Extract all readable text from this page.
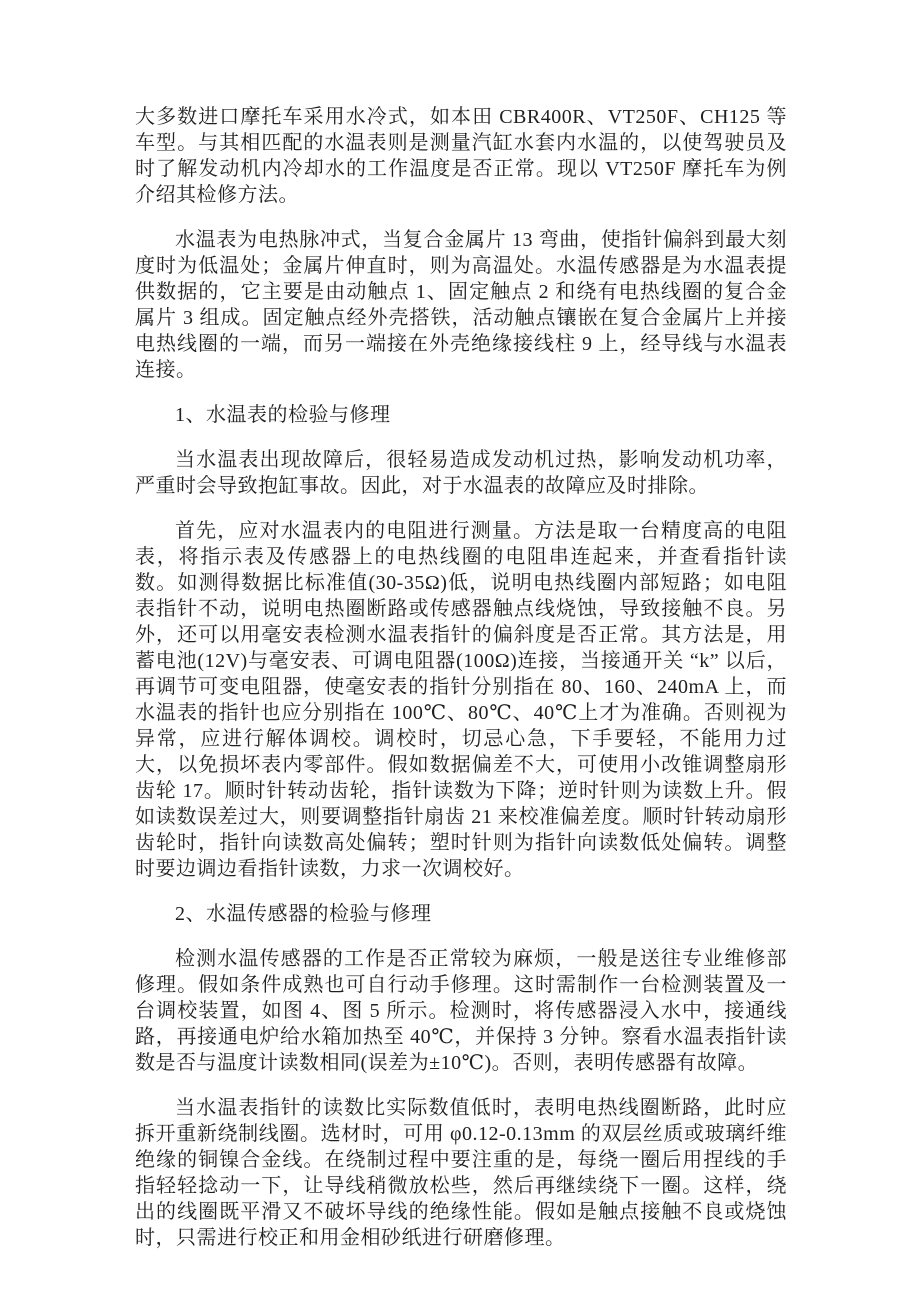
大多数进口摩托车采用水冷式，如本田 CBR400R、VT250F、CH125 等车型。与其相匹配的水温表则是测量汽缸水套内水温的，以使驾驶员及时了解发动机内冷却水的工作温度是否正常。现以 VT250F 摩托车为例介绍其检修方法。

水温表为电热脉冲式，当复合金属片 13 弯曲，使指针偏斜到最大刻度时为低温处；金属片伸直时，则为高温处。水温传感器是为水温表提供数据的，它主要是由动触点 1、固定触点 2 和绕有电热线圈的复合金属片 3 组成。固定触点经外壳搭铁，活动触点镶嵌在复合金属片上并接电热线圈的一端，而另一端接在外壳绝缘接线柱 9 上，经导线与水温表连接。

1、水温表的检验与修理

当水温表出现故障后，很轻易造成发动机过热，影响发动机功率，严重时会导致抱缸事故。因此，对于水温表的故障应及时排除。

首先，应对水温表内的电阻进行测量。方法是取一台精度高的电阻表，将指示表及传感器上的电热线圈的电阻串连起来，并查看指针读数。如测得数据比标准值(30-35Ω)低，说明电热线圈内部短路；如电阻表指针不动，说明电热圈断路或传感器触点线烧蚀，导致接触不良。另外，还可以用毫安表检测水温表指针的偏斜度是否正常。其方法是，用蓄电池(12V)与毫安表、可调电阻器(100Ω)连接，当接通开关 “k” 以后，再调节可变电阻器，使毫安表的指针分别指在 80、160、240mA 上，而水温表的指针也应分别指在 100℃、80℃、40℃上才为准确。否则视为异常，应进行解体调校。调校时，切忌心急，下手要轻，不能用力过大，以免损坏表内零部件。假如数据偏差不大，可使用小改锥调整扇形齿轮 17。顺时针转动齿轮，指针读数为下降；逆时针则为读数上升。假如读数误差过大，则要调整指针扇齿 21 来校准偏差度。顺时针转动扇形齿轮时，指针向读数高处偏转；塑时针则为指针向读数低处偏转。调整时要边调边看指针读数，力求一次调校好。

2、水温传感器的检验与修理

检测水温传感器的工作是否正常较为麻烦，一般是送往专业维修部修理。假如条件成熟也可自行动手修理。这时需制作一台检测装置及一台调校装置，如图 4、图 5 所示。检测时，将传感器浸入水中，接通线路，再接通电炉给水箱加热至 40℃，并保持 3 分钟。察看水温表指针读数是否与温度计读数相同(误差为±10℃)。否则，表明传感器有故障。

当水温表指针的读数比实际数值低时，表明电热线圈断路，此时应拆开重新绕制线圈。选材时，可用 φ0.12-0.13mm 的双层丝质或玻璃纤维绝缘的铜镍合金线。在绕制过程中要注重的是，每绕一圈后用捏线的手指轻轻捻动一下，让导线稍微放松些，然后再继续绕下一圈。这样，绕出的线圈既平滑又不破坏导线的绝缘性能。假如是触点接触不良或烧蚀时，只需进行校正和用金相砂纸进行研磨修理。
